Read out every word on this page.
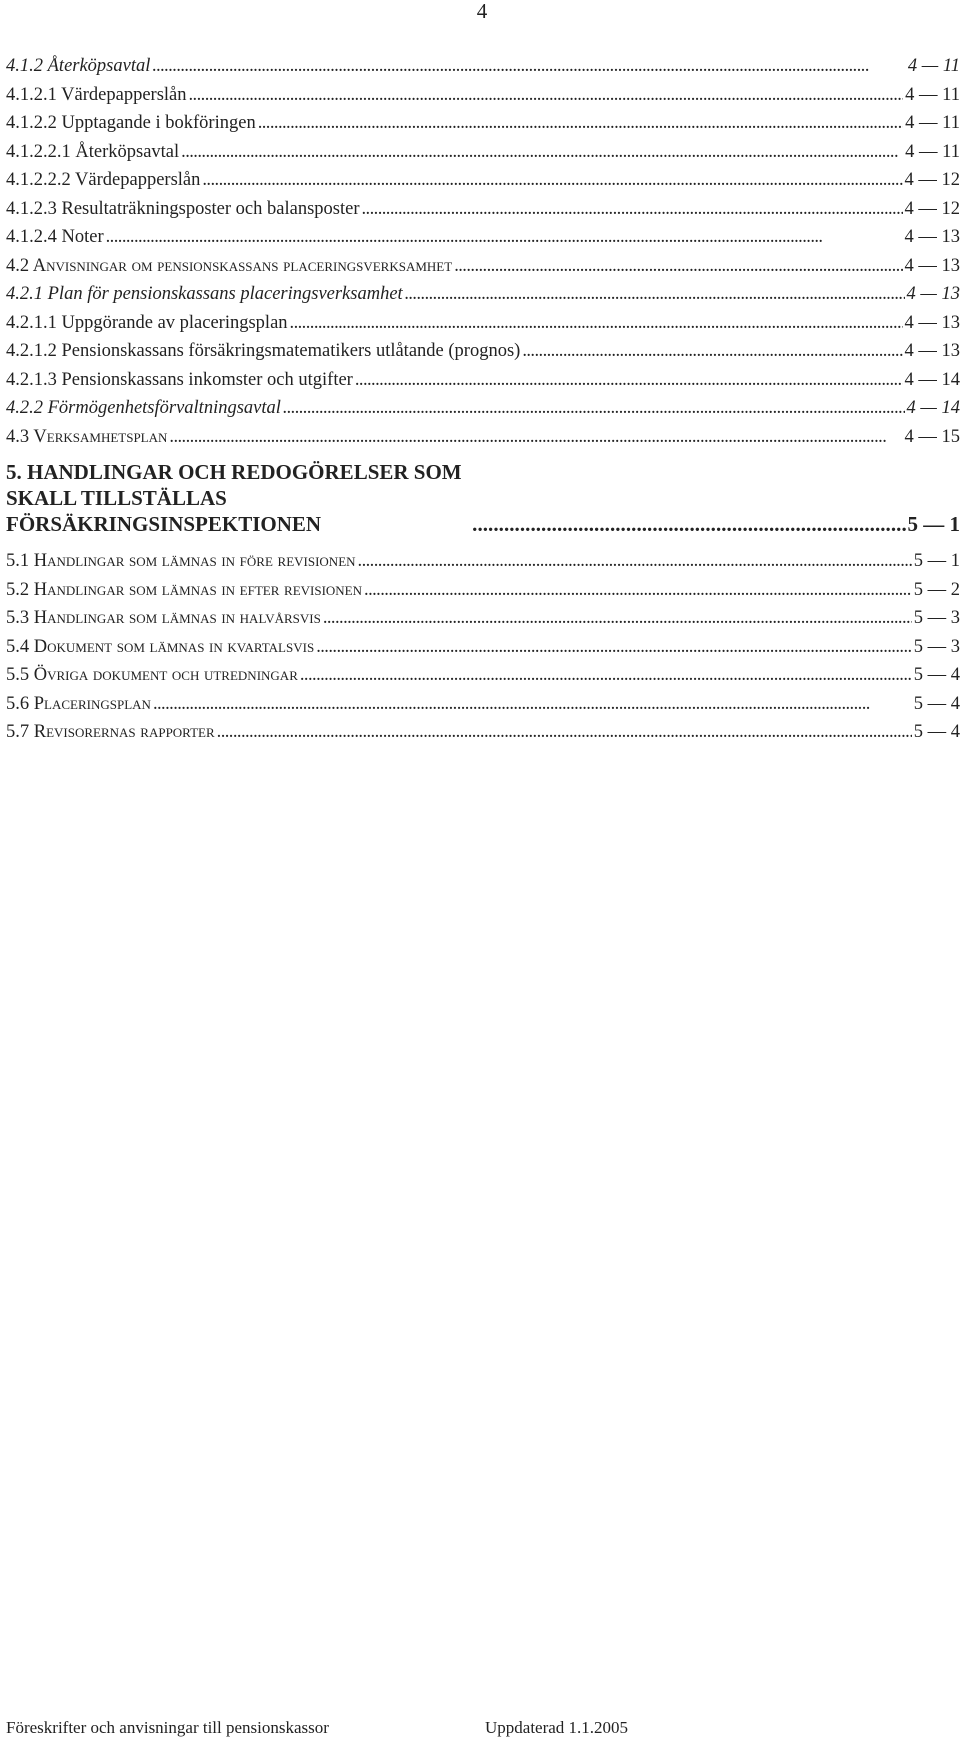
4
4.1.2 Återköpsavtal . . .	4 — 11
4.1.2.1 Värdepapperslån . . .	4 — 11
4.1.2.2 Upptagande i bokföringen . . .	4 — 11
4.1.2.2.1 Återköpsavtal . . .	4 — 11
4.1.2.2.2 Värdepapperslån . . .	4 — 12
4.1.2.3 Resultaträkningsposter och balansposter . . .	4 — 12
4.1.2.4 Noter . . .	4 — 13
4.2 Anvisningar om pensionskassans placeringsverksamhet . . .	4 — 13
4.2.1 Plan för pensionskassans placeringsverksamhet . . .	4 — 13
4.2.1.1 Uppgörande av placeringsplan . . .	4 — 13
4.2.1.2 Pensionskassans försäkringsmatematikers utlåtande (prognos) . . .	4 — 13
4.2.1.3 Pensionskassans inkomster och utgifter . . .	4 — 14
4.2.2 Förmögenhetsförvaltningsavtal . . .	4 — 14
4.3 Verksamhetsplan . . .	4 — 15
5. HANDLINGAR OCH REDOGÖRELSER SOM SKALL TILLSTÄLLAS FÖRSÄKRINGSINSPEKTIONEN . . .	5 — 1
5.1 Handlingar som lämnas in före revisionen . . .	5 — 1
5.2 Handlingar som lämnas in efter revisionen . . .	5 — 2
5.3 Handlingar som lämnas in halvårsvis . . .	5 — 3
5.4 Dokument som lämnas in kvartalsvis . . .	5 — 3
5.5 Övriga dokument och utredningar . . .	5 — 4
5.6 Placeringsplan . . .	5 — 4
5.7 Revisorernas rapporter . . .	5 — 4
Föreskrifter och anvisningar till pensionskassor	Uppdaterad 1.1.2005
